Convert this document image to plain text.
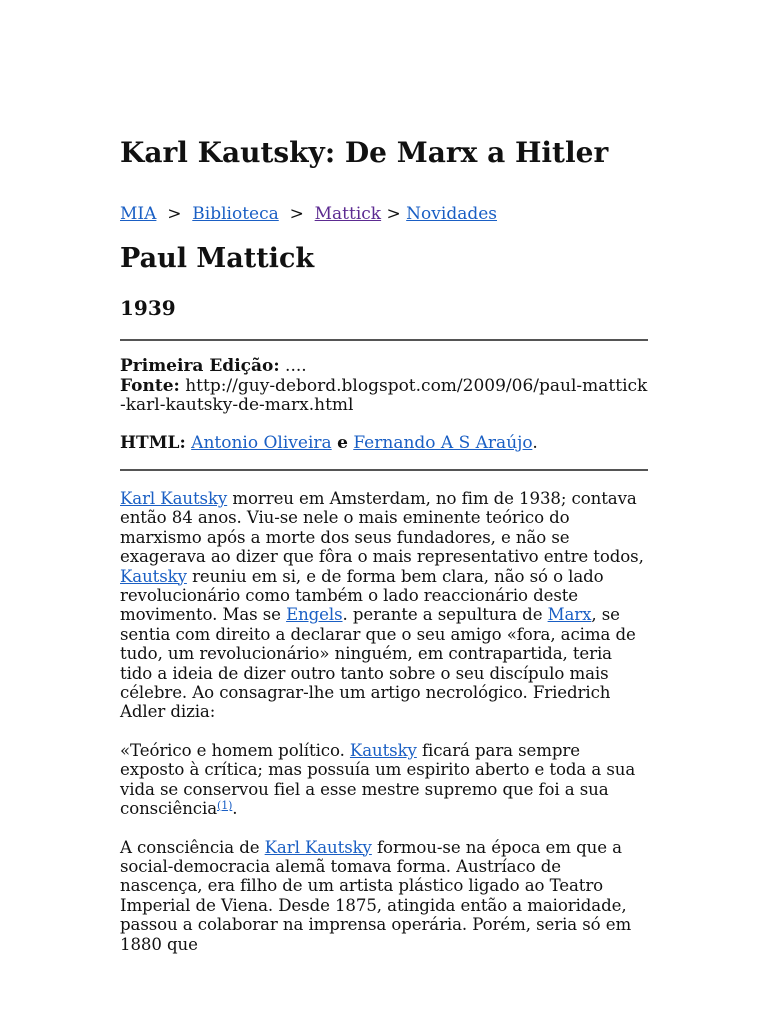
Karl Kautsky: De Marx a Hitler
MIA > Biblioteca > Mattick > Novidades
Paul Mattick
1939
Primeira Edição: ....
Fonte: http://guy-debord.blogspot.com/2009/06/paul-mattick-karl-kautsky-de-marx.html
HTML: Antonio Oliveira e Fernando A S Araújo.

Karl Kautsky morreu em Amsterdam, no fim de 1938; contava então 84 anos. Viu-se nele o mais eminente teórico do marxismo após a morte dos seus fundadores, e não se exagerava ao dizer que fôra o mais representativo entre todos, Kautsky reuniu em si, e de forma bem clara, não só o lado revolucionário como também o lado reaccionário deste movimento. Mas se Engels. perante a sepultura de Marx, se sentia com direito a declarar que o seu amigo «fora, acima de tudo, um revolucionário» ninguém, em contrapartida, teria tido a ideia de dizer outro tanto sobre o seu discípulo mais célebre. Ao consagrar-lhe um artigo necrológico. Friedrich Adler dizia:

«Teórico e homem político. Kautsky ficará para sempre exposto à crítica; mas possuía um espirito aberto e toda a sua vida se conservou fiel a esse mestre supremo que foi a sua consciência$^{(1)}$.

A consciência de Karl Kautsky formou-se na época em que a social-democracia alemã tomava forma. Austríaco de nascença, era filho de um artista plástico ligado ao Teatro Imperial de Viena. Desde 1875, atingida então a maioridade, passou a colaborar na imprensa operária. Porém, seria só em 1880 que
